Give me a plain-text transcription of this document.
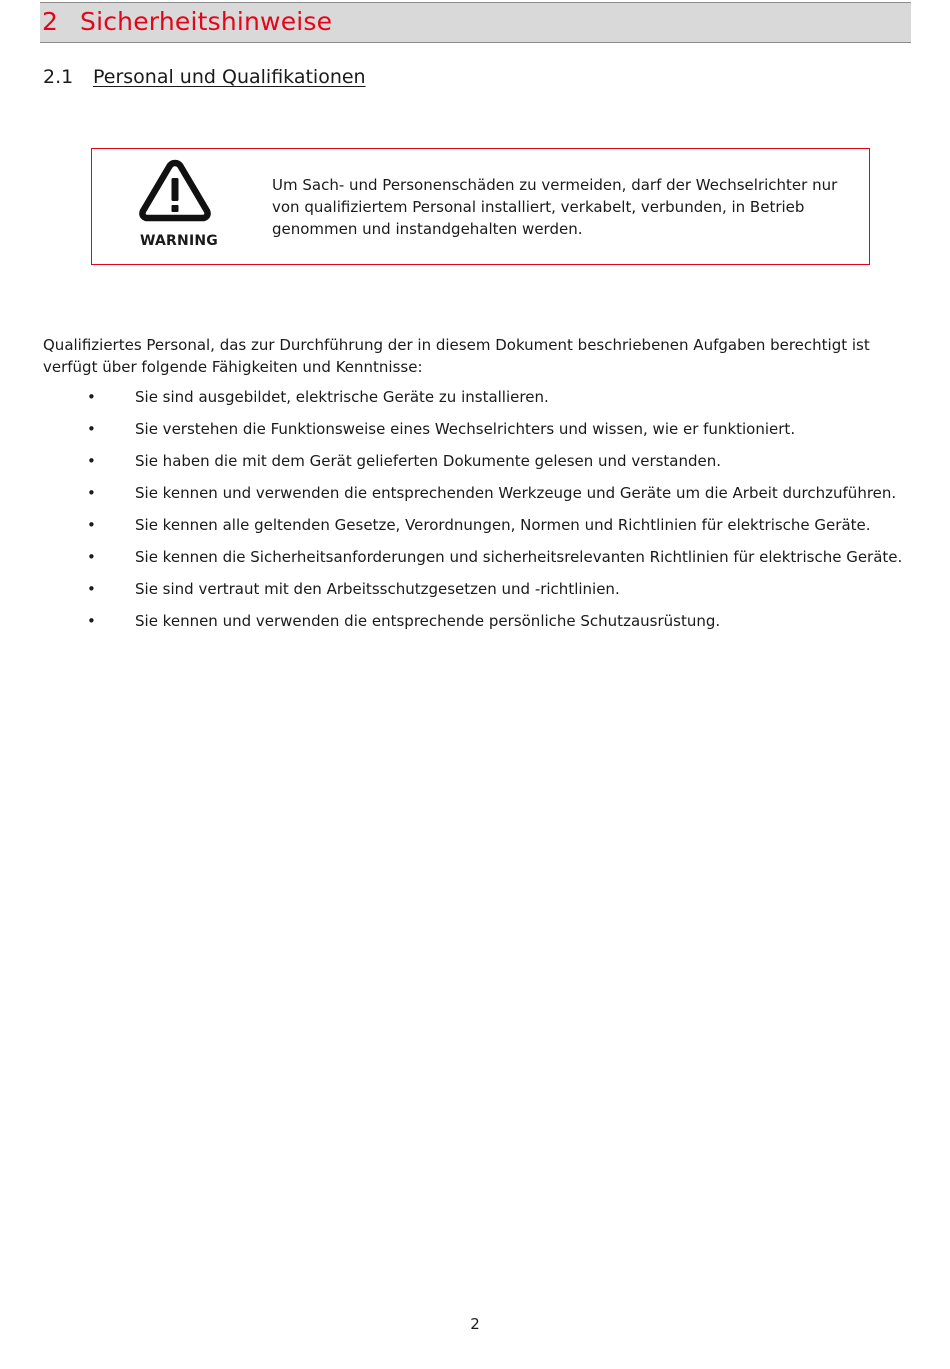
2 Sicherheitshinweise
2.1 Personal und Qualifikationen
WARNING
Um Sach- und Personenschäden zu vermeiden, darf der Wechselrichter nur von qualifiziertem Personal installiert, verkabelt, verbunden, in Betrieb genommen und instandgehalten werden.
Qualifiziertes Personal, das zur Durchführung der in diesem Dokument beschriebenen Aufgaben berechtigt ist verfügt über folgende Fähigkeiten und Kenntnisse:
•	Sie sind ausgebildet, elektrische Geräte zu installieren.
•	Sie verstehen die Funktionsweise eines Wechselrichters und wissen, wie er funktioniert.
•	Sie haben die mit dem Gerät gelieferten Dokumente gelesen und verstanden.
•	Sie kennen und verwenden die entsprechenden Werkzeuge und Geräte um die Arbeit durchzuführen.
•	Sie kennen alle geltenden Gesetze, Verordnungen, Normen und Richtlinien für elektrische Geräte.
•	Sie kennen die Sicherheitsanforderungen und sicherheitsrelevanten Richtlinien für elektrische Geräte.
•	Sie sind vertraut mit den Arbeitsschutzgesetzen und -richtlinien.
•	Sie kennen und verwenden die entsprechende persönliche Schutzausrüstung.
2
